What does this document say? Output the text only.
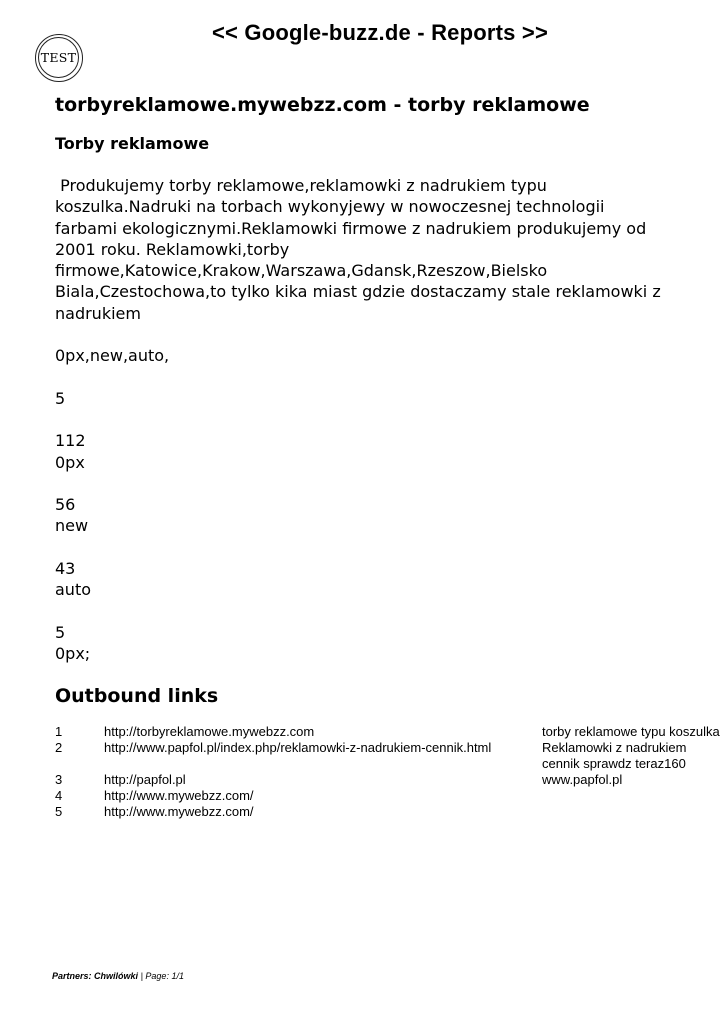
<< Google-buzz.de - Reports >>
TEST
torbyreklamowe.mywebzz.com - torby reklamowe
Torby reklamowe

Produkujemy torby reklamowe,reklamowki z nadrukiem typu koszulka.Nadruki na torbach wykonyjewy w nowoczesnej technologii farbami ekologicznymi.Reklamowki firmowe z nadrukiem produkujemy od 2001 roku. Reklamowki,torby firmowe,Katowice,Krakow,Warszawa,Gdansk,Rzeszow,Bielsko Biala,Czestochowa,to tylko kika miast gdzie dostaczamy stale reklamowki z nadrukiem

0px,new,auto,
5
112
0px
56
new
43
auto
5
0px;
Outbound links
1	http://torbyreklamowe.mywebzz.com	torby reklamowe typu koszulka
2	http://www.papfol.pl/index.php/reklamowki-z-nadrukiem-cennik.html	Reklamowki z nadrukiem
cennik sprawdz teraz160
3	http://papfol.pl	www.papfol.pl
4	http://www.mywebzz.com/	
5	http://www.mywebzz.com/	
Partners: Chwilówki | Page: 1/1
